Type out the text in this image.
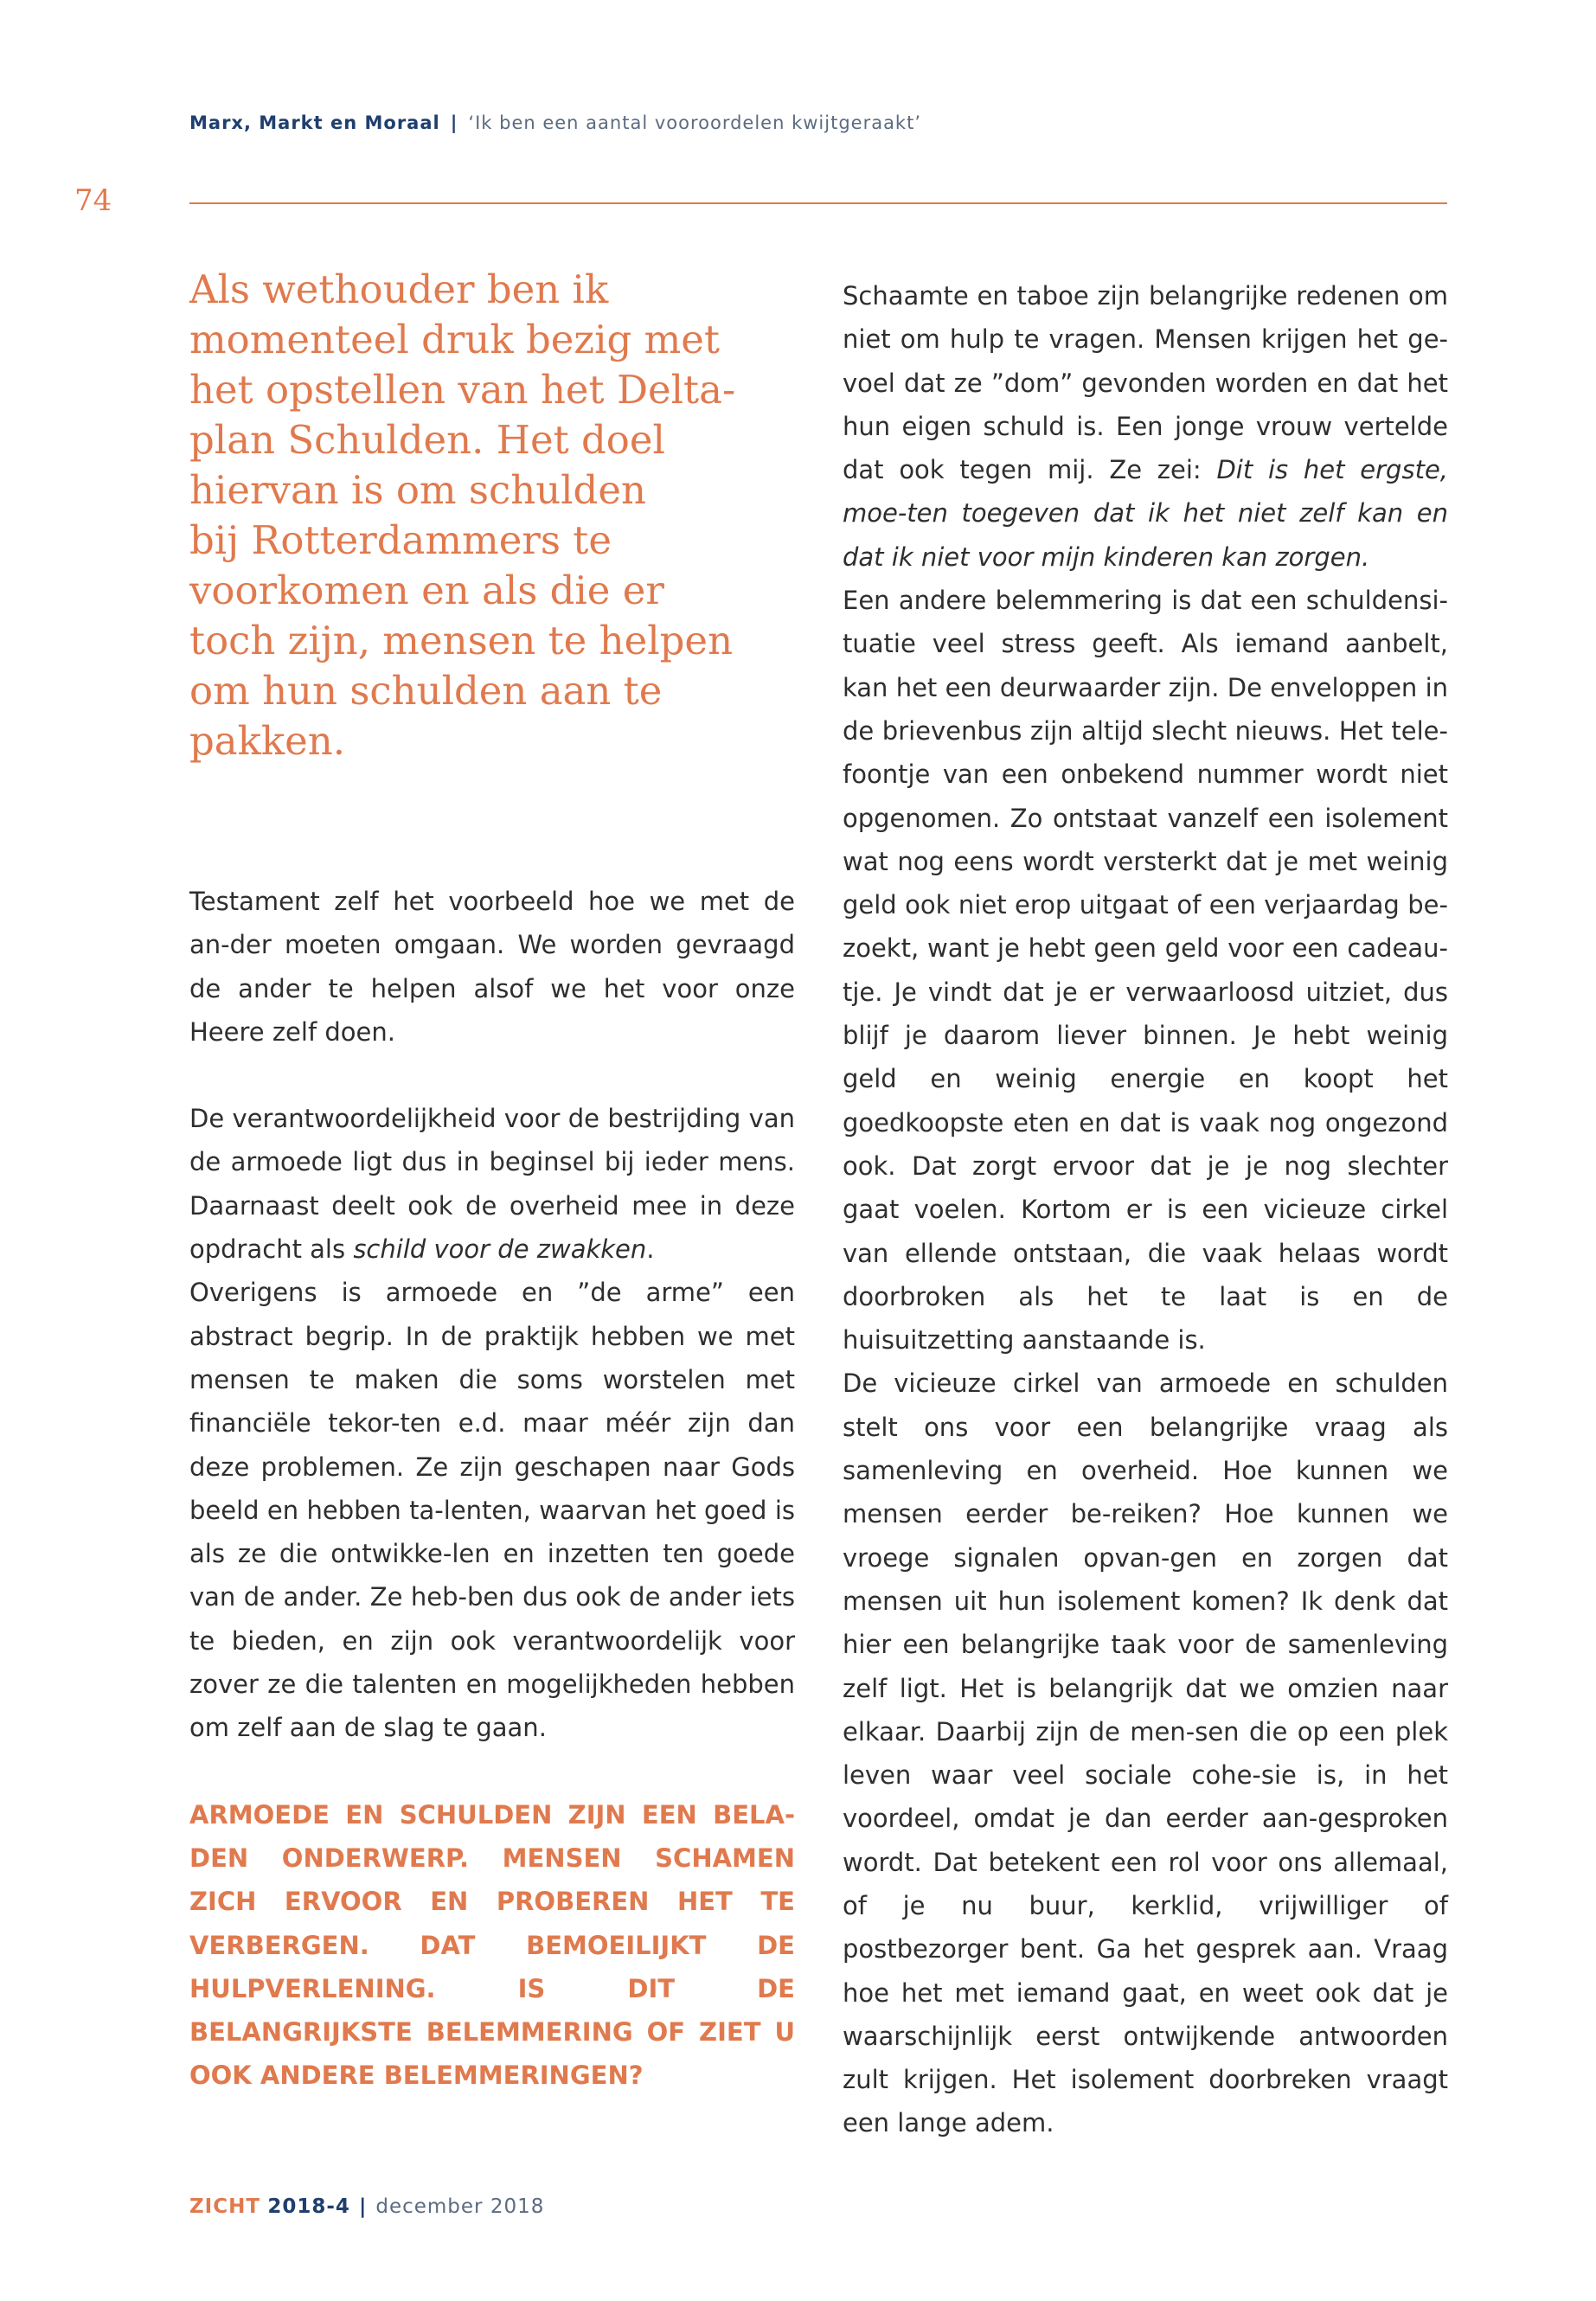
Marx, Markt en Moraal | ‘Ik ben een aantal vooroordelen kwijtgeraakt’
74

Als wethouder ben ik
momenteel druk bezig met
het opstellen van het Delta-
plan Schulden. Het doel
hiervan is om schulden
bij Rotterdammers te
voorkomen en als die er
toch zijn, mensen te helpen
om hun schulden aan te
pakken.

Testament zelf het voorbeeld hoe we met de an-der moeten omgaan. We worden gevraagd de ander te helpen alsof we het voor onze Heere zelf doen.

De verantwoordelijkheid voor de bestrijding van de armoede ligt dus in beginsel bij ieder mens. Daarnaast deelt ook de overheid mee in deze opdracht als schild voor de zwakken.

Overigens is armoede en ”de arme” een abstract begrip. In de praktijk hebben we met mensen te maken die soms worstelen met financiële tekor-ten e.d. maar méér zijn dan deze problemen. Ze zijn geschapen naar Gods beeld en hebben ta-lenten, waarvan het goed is als ze die ontwikke-len en inzetten ten goede van de ander. Ze heb-ben dus ook de ander iets te bieden, en zijn ook verantwoordelijk voor zover ze die talenten en mogelijkheden hebben om zelf aan de slag te gaan.

ARMOEDE EN SCHULDEN ZIJN EEN BELA-DEN ONDERWERP. MENSEN SCHAMEN ZICH ERVOOR EN PROBEREN HET TE VERBERGEN. DAT BEMOEILIJKT DE HULPVERLENING. IS DIT DE BELANGRIJKSTE BELEMMERING OF ZIET U OOK ANDERE BELEMMERINGEN?

Schaamte en taboe zijn belangrijke redenen om niet om hulp te vragen. Mensen krijgen het ge-voel dat ze ”dom” gevonden worden en dat het hun eigen schuld is. Een jonge vrouw vertelde dat ook tegen mij. Ze zei: Dit is het ergste, moe-ten toegeven dat ik het niet zelf kan en dat ik niet voor mijn kinderen kan zorgen.

Een andere belemmering is dat een schuldensi-tuatie veel stress geeft. Als iemand aanbelt, kan het een deurwaarder zijn. De enveloppen in de brievenbus zijn altijd slecht nieuws. Het tele-foontje van een onbekend nummer wordt niet opgenomen. Zo ontstaat vanzelf een isolement wat nog eens wordt versterkt dat je met weinig geld ook niet erop uitgaat of een verjaardag be-zoekt, want je hebt geen geld voor een cadeau-tje. Je vindt dat je er verwaarloosd uitziet, dus blijf je daarom liever binnen. Je hebt weinig geld en weinig energie en koopt het goedkoopste eten en dat is vaak nog ongezond ook. Dat zorgt ervoor dat je je nog slechter gaat voelen. Kortom er is een vicieuze cirkel van ellende ontstaan, die vaak helaas wordt doorbroken als het te laat is en de huisuitzetting aanstaande is.

De vicieuze cirkel van armoede en schulden stelt ons voor een belangrijke vraag als samenleving en overheid. Hoe kunnen we mensen eerder be-reiken? Hoe kunnen we vroege signalen opvan-gen en zorgen dat mensen uit hun isolement komen? Ik denk dat hier een belangrijke taak voor de samenleving zelf ligt. Het is belangrijk dat we omzien naar elkaar. Daarbij zijn de men-sen die op een plek leven waar veel sociale cohe-sie is, in het voordeel, omdat je dan eerder aan-gesproken wordt. Dat betekent een rol voor ons allemaal, of je nu buur, kerklid, vrijwilliger of postbezorger bent. Ga het gesprek aan. Vraag hoe het met iemand gaat, en weet ook dat je waarschijnlijk eerst ontwijkende antwoorden zult krijgen. Het isolement doorbreken vraagt een lange adem.

ZICHT 2018-4 | december 2018
